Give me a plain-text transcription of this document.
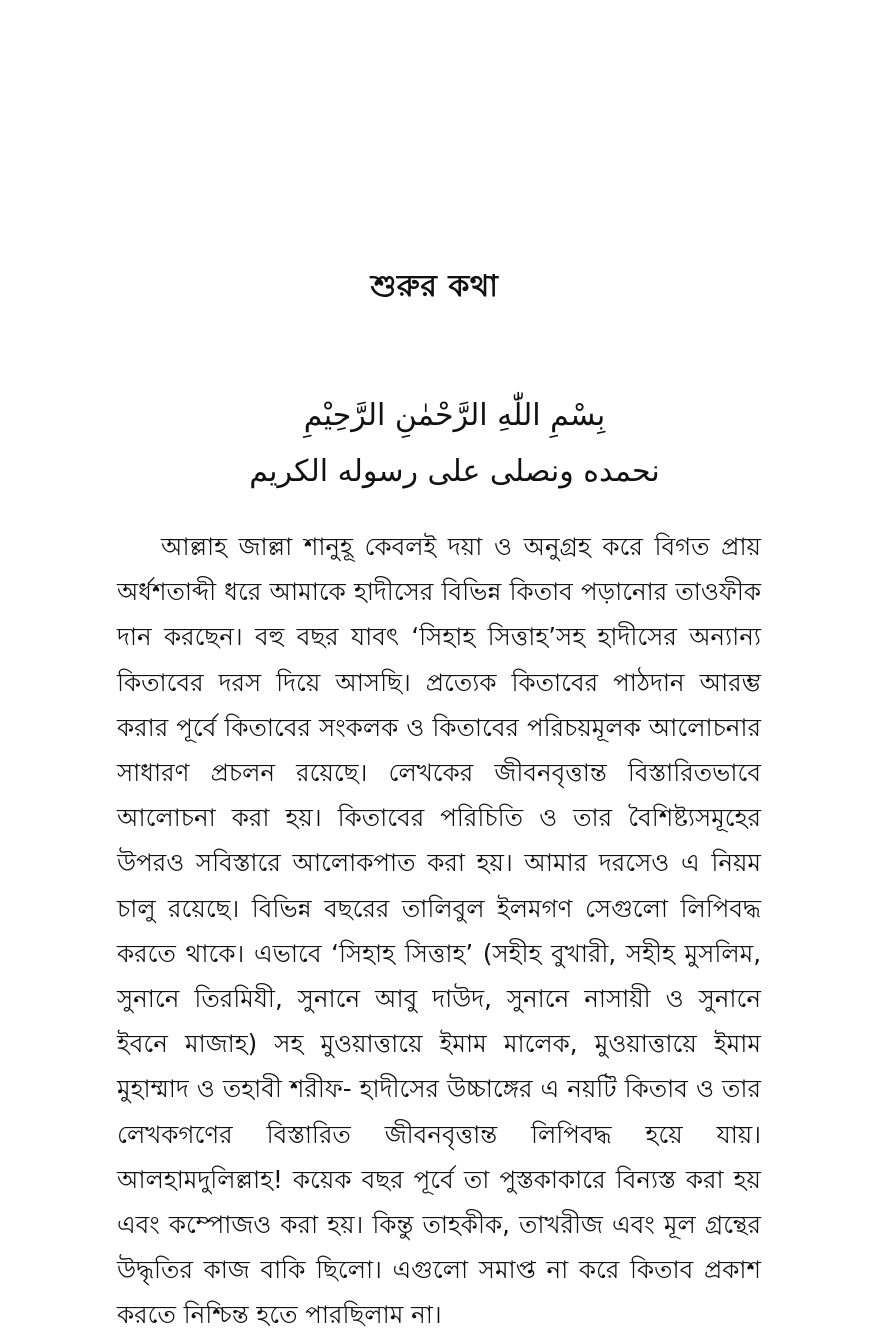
শুরুর কথা
بِسْمِ اللّٰهِ الرَّحْمٰنِ الرَّحِيْمِ
نحمده ونصلى على رسوله الكريم

আল্লাহ জাল্লা শানুহূ কেবলই দয়া ও অনুগ্রহ করে বিগত প্রায় অর্ধশতাব্দী ধরে আমাকে হাদীসের বিভিন্ন কিতাব পড়ানোর তাওফীক দান করছেন। বহু বছর যাবৎ ‘সিহাহ সিত্তাহ’সহ হাদীসের অন্যান্য কিতাবের দরস দিয়ে আসছি। প্রত্যেক কিতাবের পাঠদান আরম্ভ করার পূর্বে কিতাবের সংকলক ও কিতাবের পরিচয়মূলক আলোচনার সাধারণ প্রচলন রয়েছে। লেখকের জীবনবৃত্তান্ত বিস্তারিতভাবে আলোচনা করা হয়। কিতাবের পরিচিতি ও তার বৈশিষ্ট্যসমূহের উপরও সবিস্তারে আলোকপাত করা হয়। আমার দরসেও এ নিয়ম চালু রয়েছে। বিভিন্ন বছরের তালিবুল ইলমগণ সেগুলো লিপিবদ্ধ করতে থাকে। এভাবে ‘সিহাহ সিত্তাহ’ (সহীহ বুখারী, সহীহ মুসলিম, সুনানে তিরমিযী, সুনানে আবু দাউদ, সুনানে নাসায়ী ও সুনানে ইবনে মাজাহ) সহ মুওয়াত্তায়ে ইমাম মালেক, মুওয়াত্তায়ে ইমাম মুহাম্মাদ ও তহাবী শরীফ- হাদীসের উচ্চাঙ্গের এ নয়টি কিতাব ও তার লেখকগণের বিস্তারিত জীবনবৃত্তান্ত লিপিবদ্ধ হয়ে যায়। আলহামদুলিল্লাহ! কয়েক বছর পূর্বে তা পুস্তকাকারে বিন্যস্ত করা হয় এবং কম্পোজও করা হয়। কিন্তু তাহকীক, তাখরীজ এবং মূল গ্রন্থের উদ্ধৃতির কাজ বাকি ছিলো। এগুলো সমাপ্ত না করে কিতাব প্রকাশ করতে নিশ্চিন্ত হতে পারছিলাম না।
